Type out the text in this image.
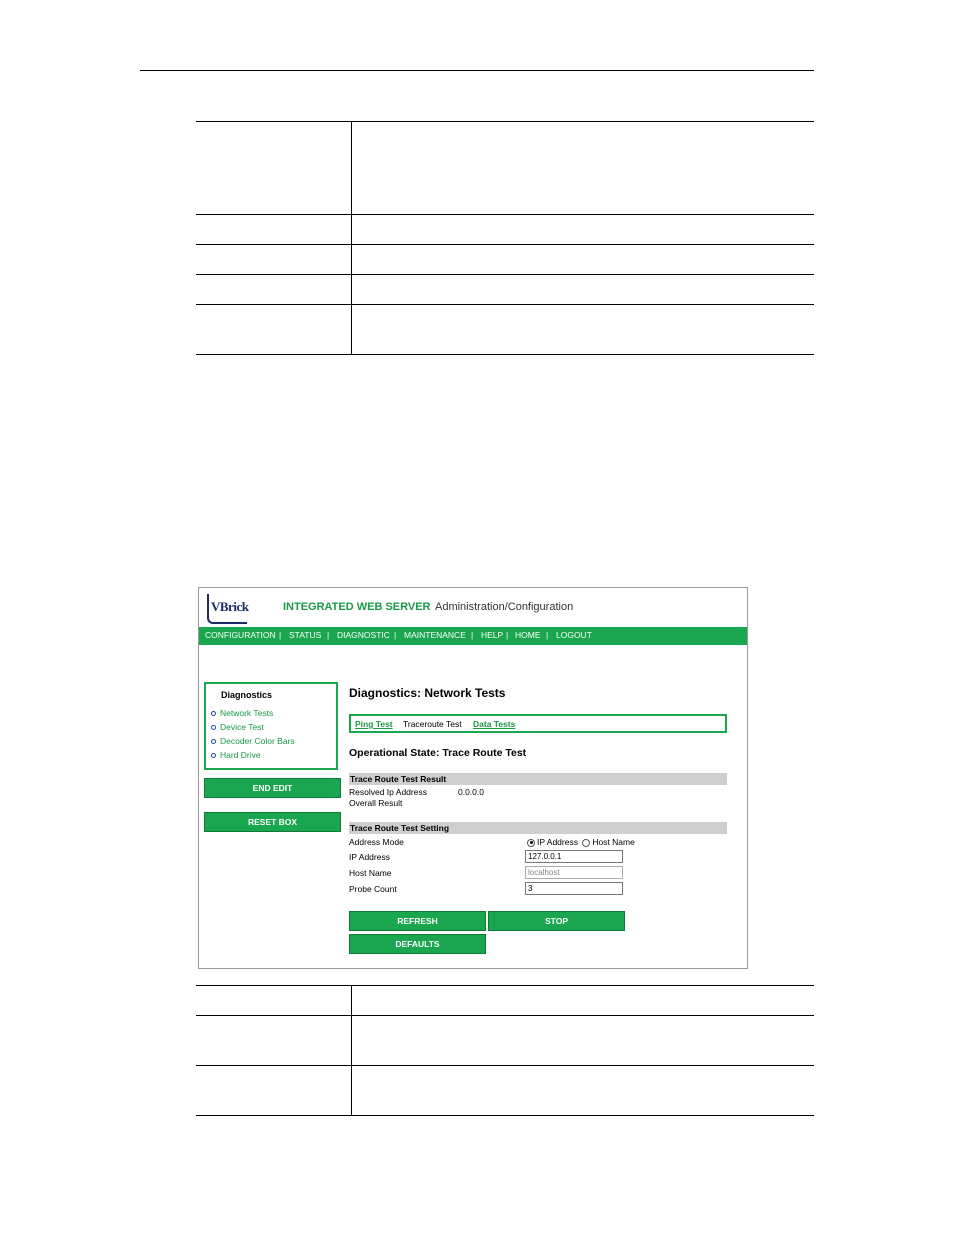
VBrick	INTEGRATED WEB SERVER Administration/Configuration
CONFIGURATION | STATUS | DIAGNOSTIC | MAINTENANCE | HELP | HOME | LOGOUT
Diagnostics
Network Tests
Device Test
Decoder Color Bars
Hard Drive
END EDIT
RESET BOX
Diagnostics: Network Tests
Ping Test Traceroute Test Data Tests
Operational State: Trace Route Test
Trace Route Test Result
Resolved Ip Address	0.0.0.0
Overall Result
Trace Route Test Setting
Address Mode	IP Address Host Name
IP Address	127.0.0.1
Host Name	localhost
Probe Count	3
REFRESH	STOP
DEFAULTS
